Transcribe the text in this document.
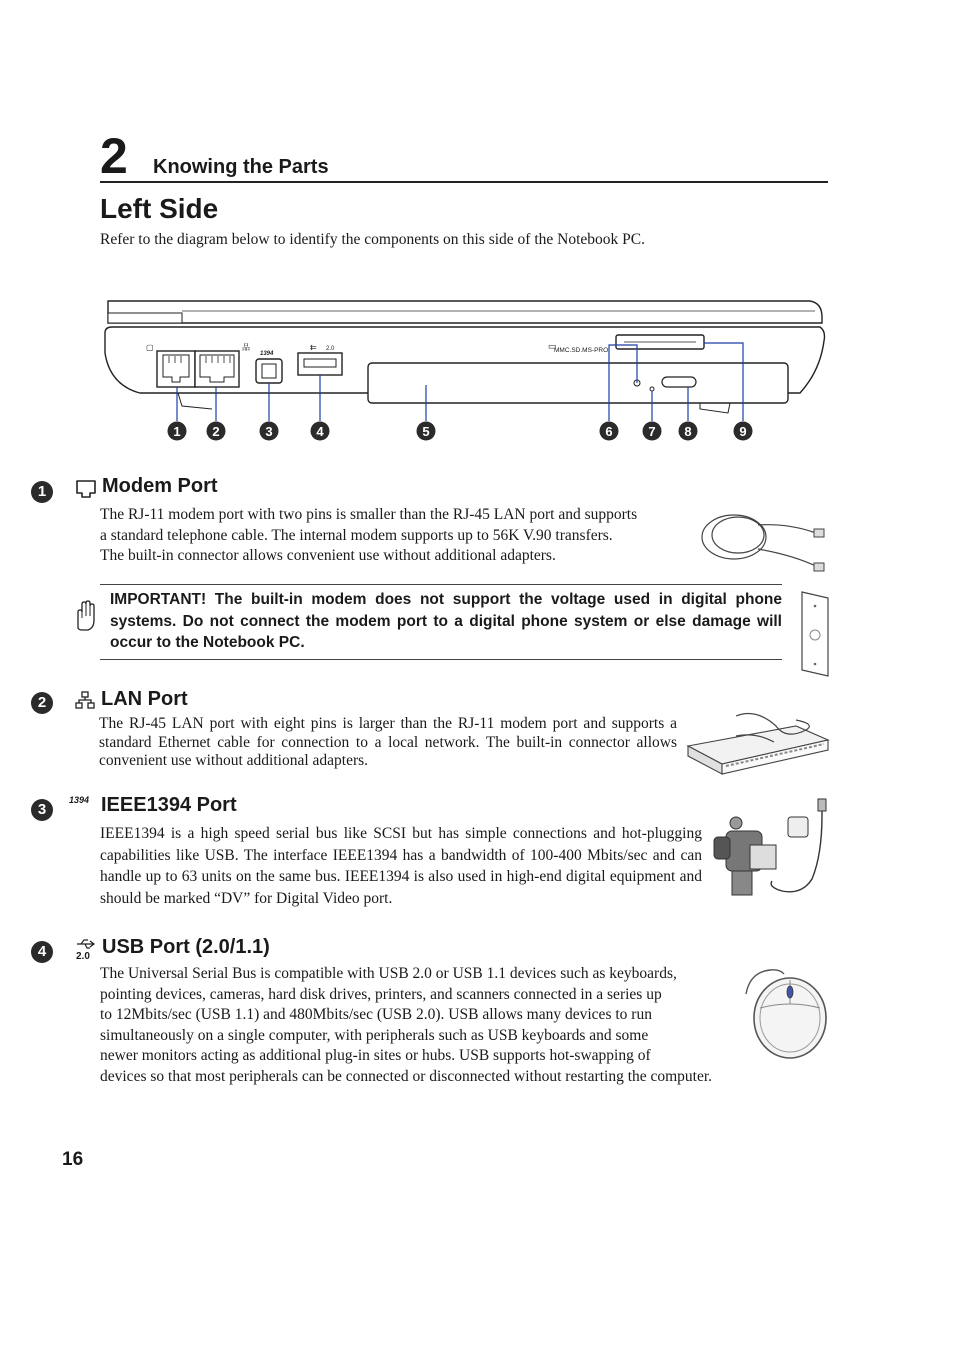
2 Knowing the Parts
Left Side
Refer to the diagram below to identify the components on this side of the Notebook PC.
▢	品
1394
⇇ 2.0	▭
MMC.SD.MS-PRO
1 2	3	4	5	6	7 8	9
1	Modem Port
The RJ-11 modem port with two pins is smaller than the RJ-45 LAN port and supports
a standard telephone cable. The internal modem supports up to 56K V.90 transfers.
The built-in connector allows convenient use without additional adapters.
IMPORTANT! The built-in modem does not support the voltage used in digital phone systems. Do not connect the modem port to a digital phone system or else damage will occur to the Notebook PC.
2	LAN Port
The RJ-45 LAN port with eight pins is larger than the RJ-11 modem port and supports a standard Ethernet cable for connection to a local network. The built-in connector allows convenient use without additional adapters.
3
1394 IEEE1394 Port
IEEE1394 is a high speed serial bus like SCSI but has simple connections and hot-plugging capabilities like USB. The interface IEEE1394 has a bandwidth of 100-400 Mbits/sec and can handle up to 63 units on the same bus. IEEE1394 is also used in high-end digital equipment and should be marked “DV” for Digital Video port.
4	2.0 USB Port (2.0/1.1)
The Universal Serial Bus is compatible with USB 2.0 or USB 1.1 devices such as keyboards,
pointing devices, cameras, hard disk drives, printers, and scanners connected in a series up
to 12Mbits/sec (USB 1.1) and 480Mbits/sec (USB 2.0). USB allows many devices to run
simultaneously on a single computer, with peripherals such as USB keyboards and some
newer monitors acting as additional plug-in sites or hubs. USB supports hot-swapping of
devices so that most peripherals can be connected or disconnected without restarting the computer.
16
